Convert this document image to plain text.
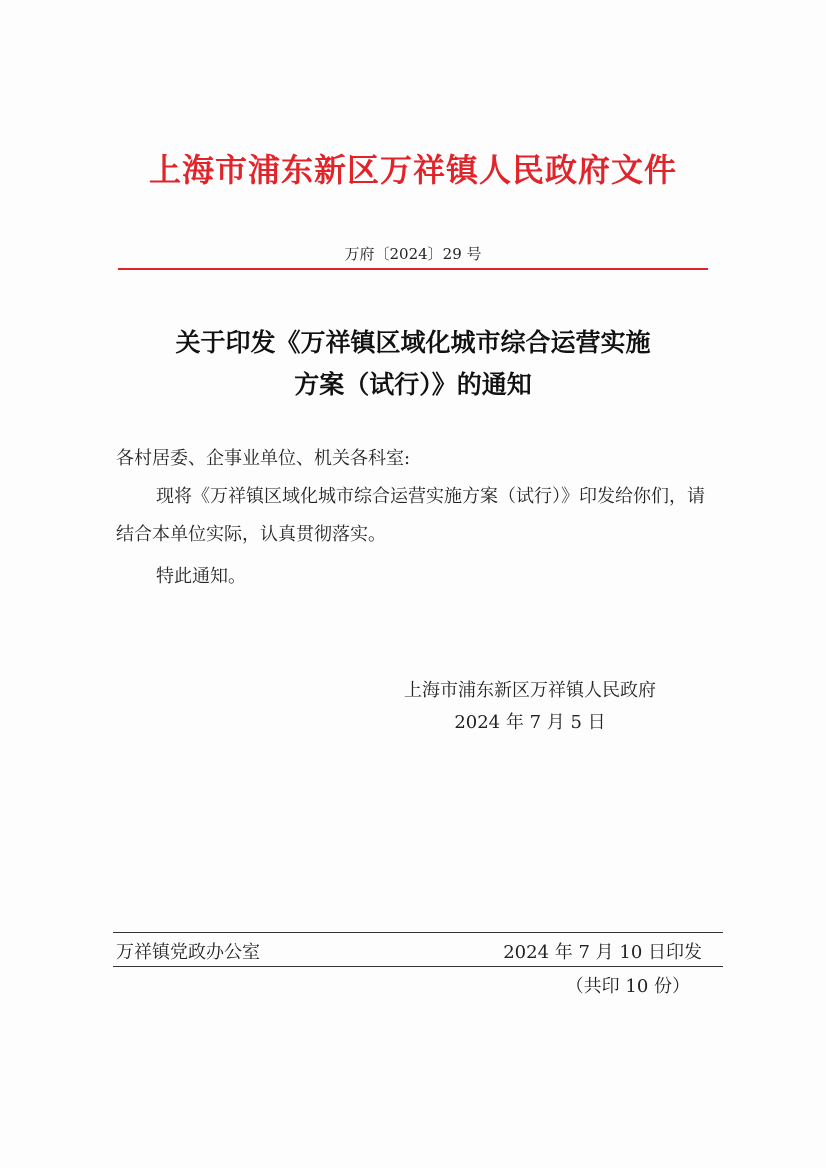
上海市浦东新区万祥镇人民政府文件
万府〔2024〕29 号
关于印发《万祥镇区域化城市综合运营实施
方案（试行）》的通知
各村居委、企事业单位、机关各科室:
现将《万祥镇区域化城市综合运营实施方案（试行）》印发给你们，请结合本单位实际，认真贯彻落实。
特此通知。
上海市浦东新区万祥镇人民政府
2024 年 7 月 5 日
万祥镇党政办公室	2024 年 7 月 10 日印发
（共印 10 份）
